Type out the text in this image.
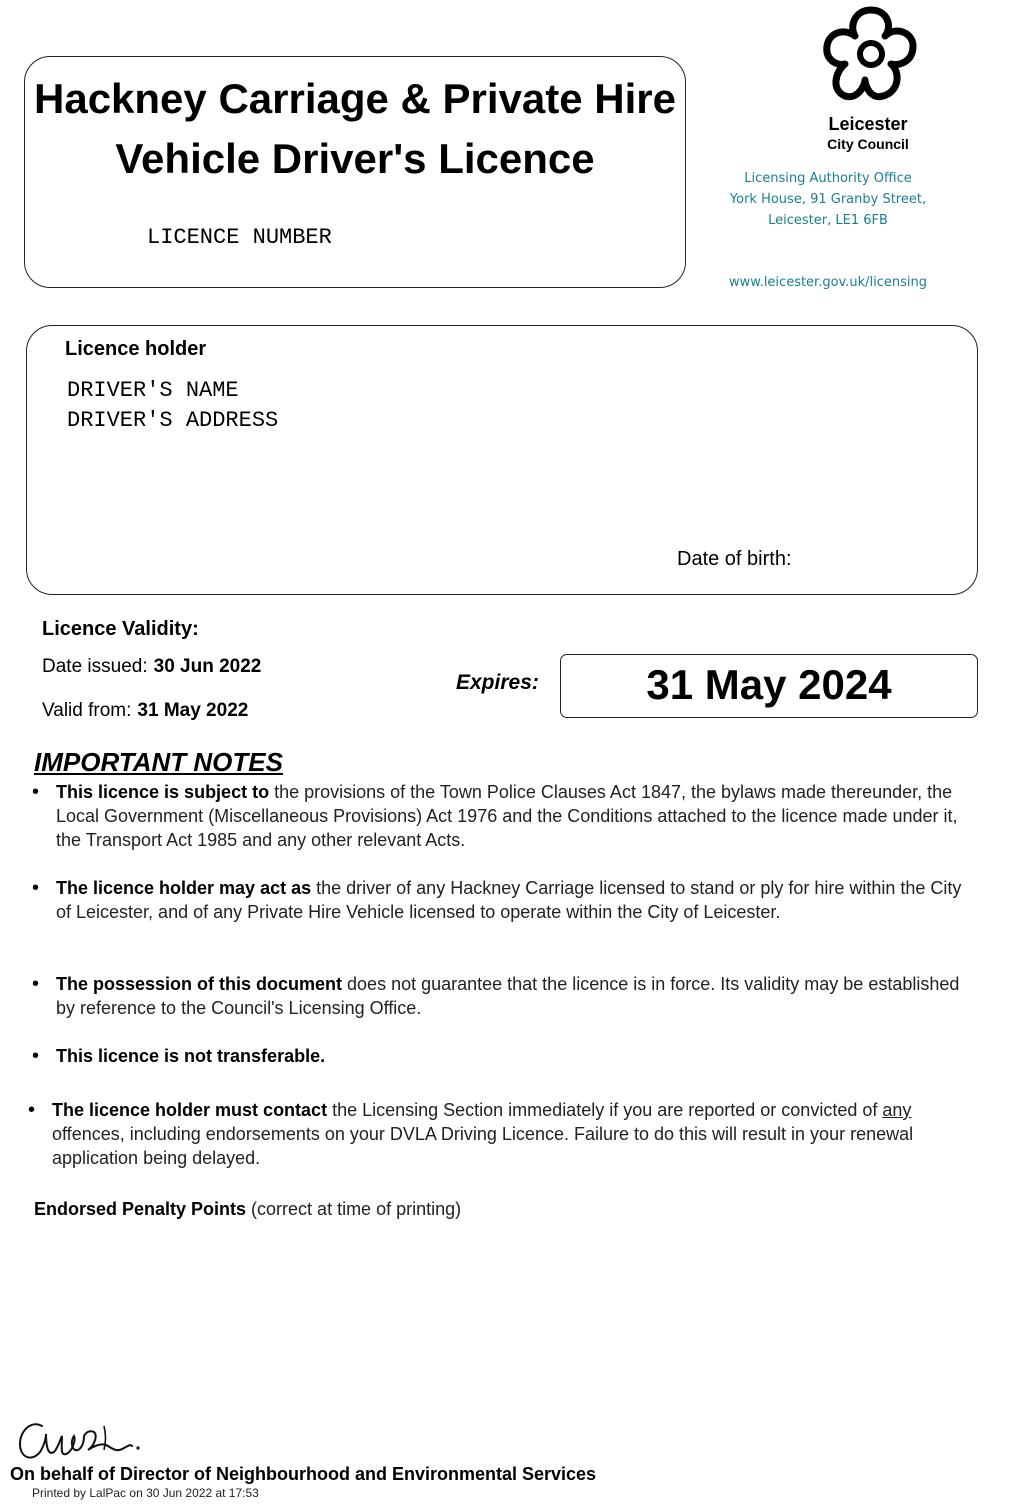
Hackney Carriage & Private Hire Vehicle Driver's Licence
LICENCE NUMBER
Leicester
City Council
Licensing Authority Office
York House, 91 Granby Street,
Leicester, LE1 6FB
www.leicester.gov.uk/licensing
Licence holder
DRIVER'S NAME
DRIVER'S ADDRESS
Date of birth:
Licence Validity:
Date issued: 30 Jun 2022
Valid from: 31 May 2022
Expires:	31 May 2024
IMPORTANT NOTES
• This licence is subject to the provisions of the Town Police Clauses Act 1847, the bylaws made thereunder, the Local Government (Miscellaneous Provisions) Act 1976 and the Conditions attached to the licence made under it, the Transport Act 1985 and any other relevant Acts.
• The licence holder may act as the driver of any Hackney Carriage licensed to stand or ply for hire within the City of Leicester, and of any Private Hire Vehicle licensed to operate within the City of Leicester.
• The possession of this document does not guarantee that the licence is in force. Its validity may be established by reference to the Council's Licensing Office.
• This licence is not transferable.
• The licence holder must contact the Licensing Section immediately if you are reported or convicted of any offences, including endorsements on your DVLA Driving Licence. Failure to do this will result in your renewal application being delayed.
Endorsed Penalty Points (correct at time of printing)
On behalf of Director of Neighbourhood and Environmental Services
Printed by LalPac on 30 Jun 2022 at 17:53
